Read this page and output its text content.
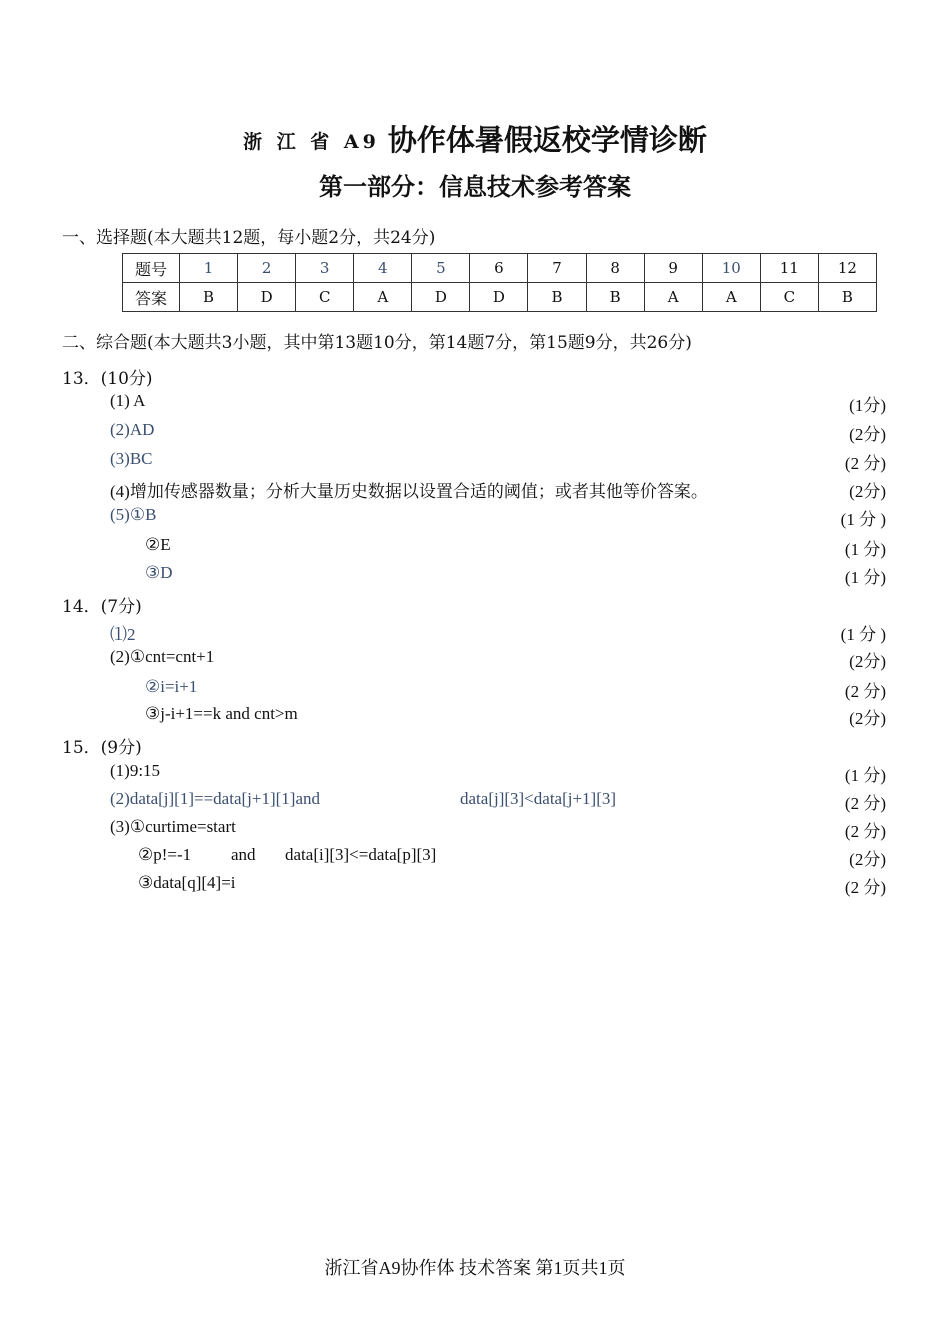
浙 江 省 A9 协作体暑假返校学情诊断
第一部分：信息技术参考答案
一、选择题(本大题共12题，每小题2分，共24分)
题号	1	2	3	4	5	6	7	8	9	10	11	12
答案	B	D	C	A	D	D	B	B	A	A	C	B
二、综合题(本大题共3小题，其中第13题10分，第14题7分，第15题9分，共26分)
13．(10分)
(1) A	(1分)
(2)AD	(2分)
(3)BC	(2 分)
(4)增加传感器数量；分析大量历史数据以设置合适的阈值；或者其他等价答案。	(2分)
(5)①B	(1 分 )
②E	(1 分)
③D	(1 分)
14．(7分)
⑴2	(1 分 )
(2)①cnt=cnt+1	(2分)
②i=i+1	(2 分)
③j-i+1==k and cnt>m	(2分)
15．(9分)
(1)9:15	(1 分)
(2)data[j][1]==data[j+1][1]and	data[j][3]<data[j+1][3]	(2 分)
(3)①curtime=start	(2 分)
②p!=-1 and data[i][3]<=data[p][3]	(2分)
③data[q][4]=i	(2 分)
浙江省A9协作体 技术答案 第1页共1页
